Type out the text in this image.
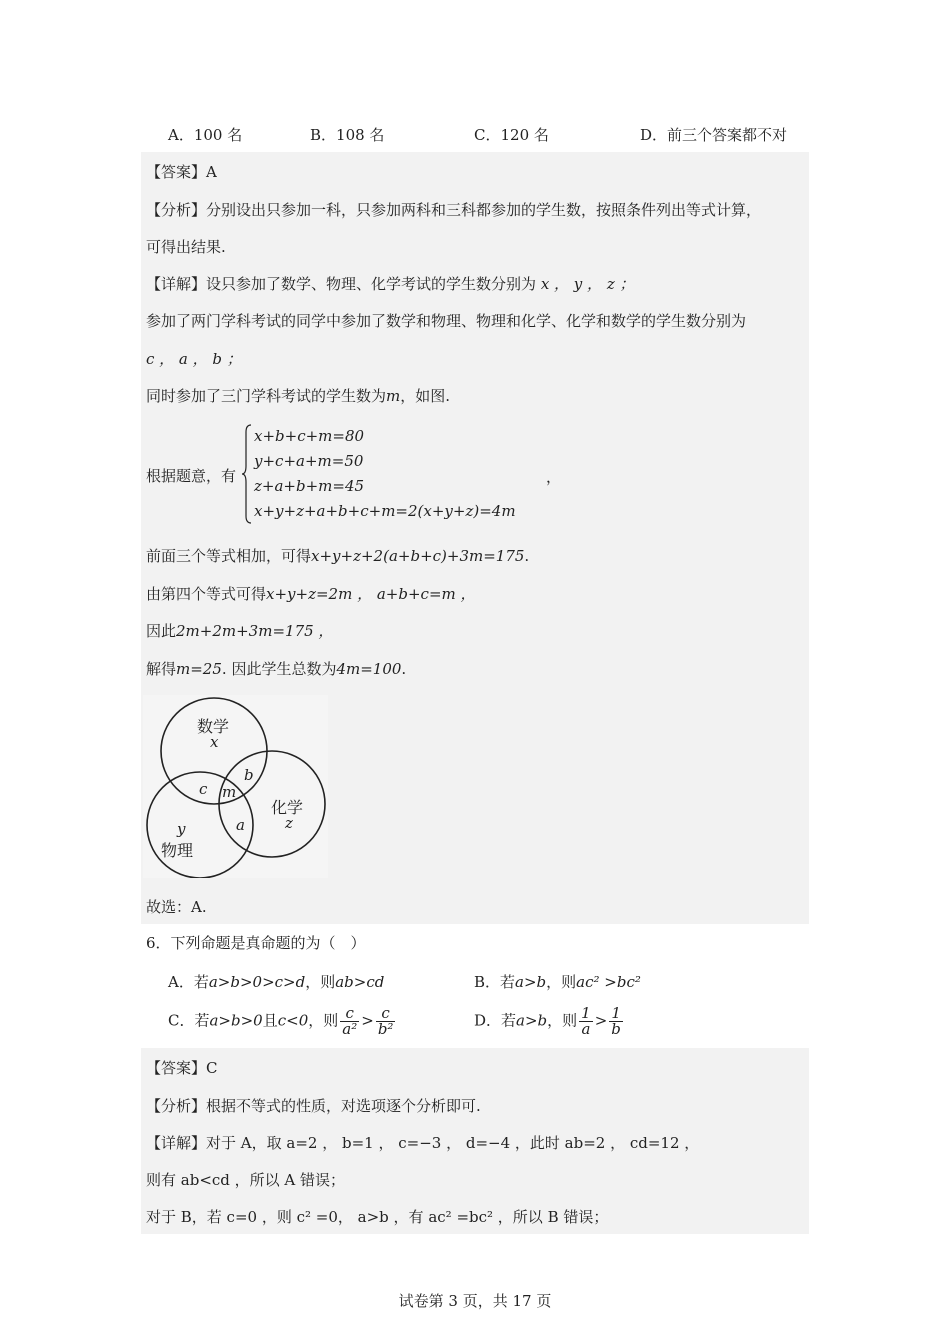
A．100 名	B．108 名	C．120 名	D．前三个答案都不对
【答案】A
【分析】分别设出只参加一科，只参加两科和三科都参加的学生数，按照条件列出等式计算，
可得出结果.
【详解】设只参加了数学、物理、化学考试的学生数分别为 x ， y ， z ；
参加了两门学科考试的同学中参加了数学和物理、物理和化学、化学和数学的学生数分别为
c ， a ， b ；
同时参加了三门学科考试的学生数为m，如图.
根据题意，有
x+b+c+m=80
y+c+a+m=50
z+a+b+m=45
x+y+z+a+b+c+m=2(x+y+z)=4m
，
前面三个等式相加，可得x+y+z+2(a+b+c)+3m=175.
由第四个等式可得x+y+z=2m ， a+b+c=m ，
因此2m+2m+3m=175 ，
解得m=25. 因此学生总数为4m=100.
数学
x
b
c m
化学
z
a
y
物理
故选：A.
6．下列命题是真命题的为（　）
A．若a>b>0>c>d，则ab>cd	B．若a>b，则ac² >bc²
C．若a>b>0且c<0，则 $\frac{c}{\text{a²}} > \frac{c}{\text{b²}}$	D．若a>b，则 $\frac{1}{a} > \frac{1}{b}$
【答案】C
【分析】根据不等式的性质，对选项逐个分析即可.
【详解】对于 A，取 a=2 ， b=1 ， c=−3 ， d=−4 ，此时 ab=2 ， cd=12 ，
则有 ab<cd ，所以 A 错误；
对于 B，若 c=0 ，则 c² =0， a>b ，有 ac² =bc² ，所以 B 错误；
试卷第 3 页，共 17 页
